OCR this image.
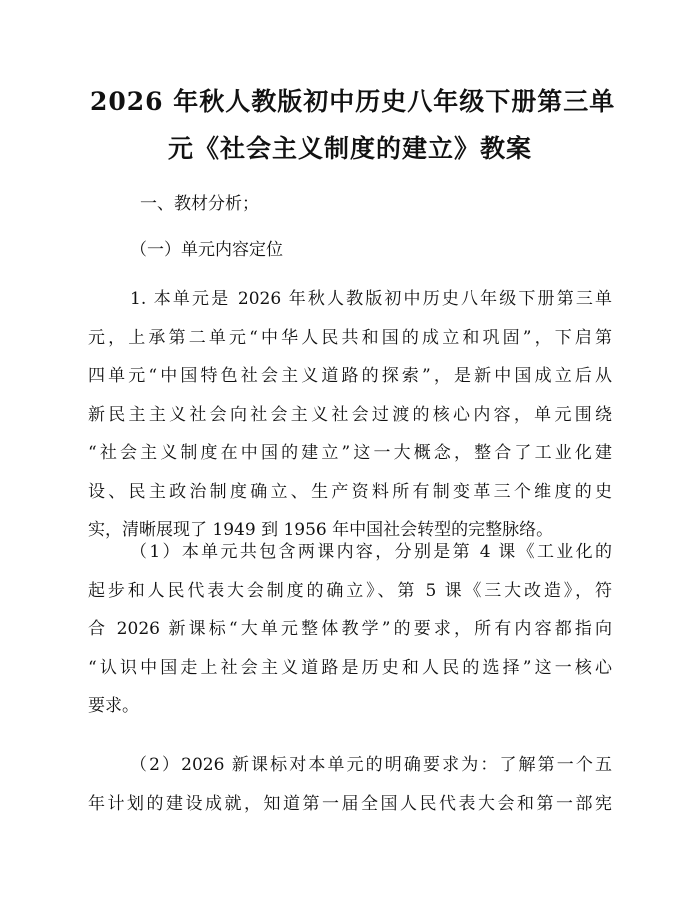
2026 年秋人教版初中历史八年级下册第三单
元《社会主义制度的建立》教案
一、教材分析；
（一）单元内容定位
1. 本单元是 2026 年秋人教版初中历史八年级下册第三单
元，上承第二单元“中华人民共和国的成立和巩固”，下启第
四单元“中国特色社会主义道路的探索”，是新中国成立后从
新民主主义社会向社会主义社会过渡的核心内容，单元围绕
“社会主义制度在中国的建立”这一大概念，整合了工业化建
设、民主政治制度确立、生产资料所有制变革三个维度的史
实，清晰展现了 1949 到 1956 年中国社会转型的完整脉络。
（1）本单元共包含两课内容，分别是第 4 课《工业化的
起步和人民代表大会制度的确立》、第 5 课《三大改造》，符
合 2026 新课标“大单元整体教学”的要求，所有内容都指向
“认识中国走上社会主义道路是历史和人民的选择”这一核心
要求。
（2）2026 新课标对本单元的明确要求为：了解第一个五
年计划的建设成就，知道第一届全国人民代表大会和第一部宪
